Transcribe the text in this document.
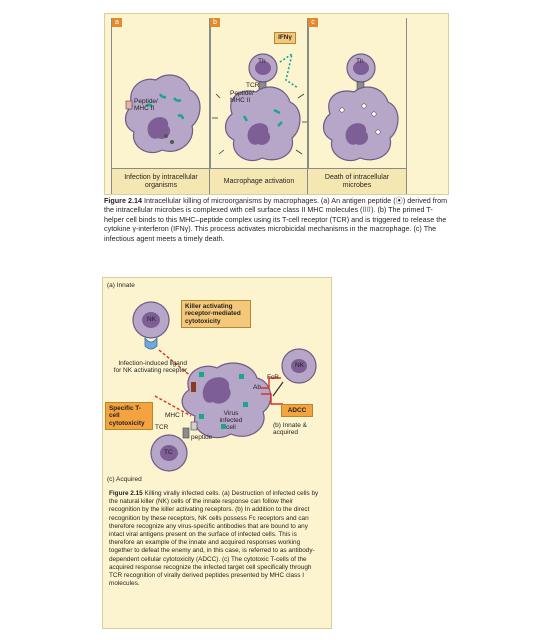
a
Peptide/ MHC II
Infection by intracellular organisms
b
IFNγ
Th
TCR
Peptide/ MHC II
Macrophage activation
c
Th
Death of intracellular microbes
Figure 2.14 Intracellular killing of microorganisms by macrophages. (a) An antigen peptide (⦿) derived from the intracellular microbes is complexed with cell surface class II MHC molecules (⌷⌷). (b) The primed T-helper cell binds to this MHC–peptide complex using its T-cell receptor (TCR) and is triggered to release the cytokine γ-interferon (IFNγ). This process activates microbicidal mechanisms in the macrophage. (c) The infectious agent meets a timely death.
(a) Innate
NK
Killer activating receptor-mediated cytotoxicity
Infection-induced ligand for NK activating receptor
FcR
Ab
NK
Virus infected cell
Specific T-cell cytotoxicity
ADCC
MHC I
TCR
peptide
(b) Innate & acquired
TC
(c) Acquired
Figure 2.15 Killing virally infected cells. (a) Destruction of infected cells by the natural killer (NK) cells of the innate response can follow their recognition by the killer activating receptors. (b) In addition to the direct recognition by these receptors, NK cells possess Fc receptors and can therefore recognize any virus-specific antibodies that are bound to any intact viral antigens present on the surface of infected cells. This is therefore an example of the innate and acquired responses working together to defeat the enemy and, in this case, is referred to as antibody-dependent cellular cytotoxicity (ADCC). (c) The cytotoxic T-cells of the acquired response recognize the infected target cell specifically through TCR recognition of virally derived peptides presented by MHC class I molecules.
